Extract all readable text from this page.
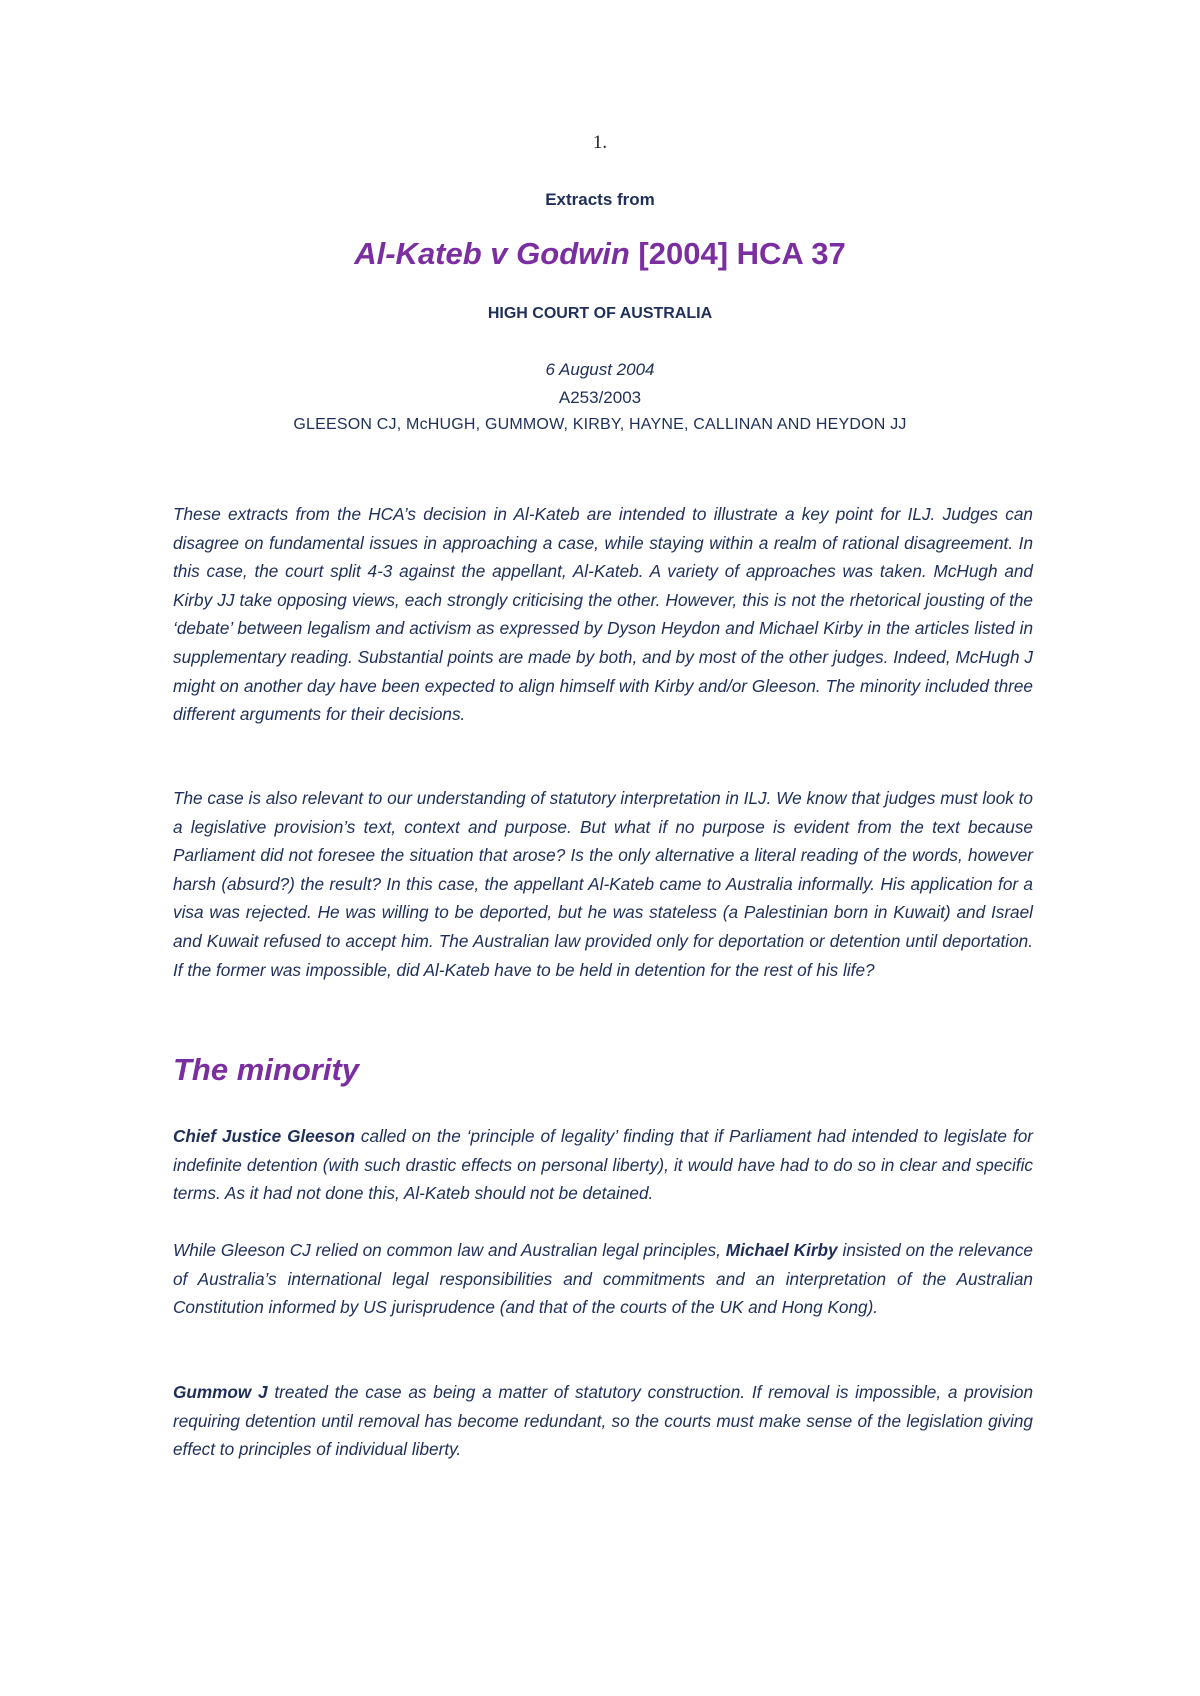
1.
Extracts from
Al-Kateb v Godwin [2004] HCA 37
HIGH COURT OF AUSTRALIA
6 August 2004
A253/2003
GLEESON CJ, McHUGH, GUMMOW, KIRBY, HAYNE, CALLINAN AND HEYDON JJ

These extracts from the HCA’s decision in Al-Kateb are intended to illustrate a key point for ILJ. Judges can disagree on fundamental issues in approaching a case, while staying within a realm of rational disagreement. In this case, the court split 4-3 against the appellant, Al-Kateb. A variety of approaches was taken. McHugh and Kirby JJ take opposing views, each strongly criticising the other. However, this is not the rhetorical jousting of the ‘debate’ between legalism and activism as expressed by Dyson Heydon and Michael Kirby in the articles listed in supplementary reading. Substantial points are made by both, and by most of the other judges. Indeed, McHugh J might on another day have been expected to align himself with Kirby and/or Gleeson. The minority included three different arguments for their decisions.

The case is also relevant to our understanding of statutory interpretation in ILJ. We know that judges must look to a legislative provision’s text, context and purpose. But what if no purpose is evident from the text because Parliament did not foresee the situation that arose? Is the only alternative a literal reading of the words, however harsh (absurd?) the result? In this case, the appellant Al-Kateb came to Australia informally. His application for a visa was rejected. He was willing to be deported, but he was stateless (a Palestinian born in Kuwait) and Israel and Kuwait refused to accept him. The Australian law provided only for deportation or detention until deportation. If the former was impossible, did Al-Kateb have to be held in detention for the rest of his life?

The minority

Chief Justice Gleeson called on the ‘principle of legality’ finding that if Parliament had intended to legislate for indefinite detention (with such drastic effects on personal liberty), it would have had to do so in clear and specific terms. As it had not done this, Al-Kateb should not be detained.

While Gleeson CJ relied on common law and Australian legal principles, Michael Kirby insisted on the relevance of Australia’s international legal responsibilities and commitments and an interpretation of the Australian Constitution informed by US jurisprudence (and that of the courts of the UK and Hong Kong).

Gummow J treated the case as being a matter of statutory construction. If removal is impossible, a provision requiring detention until removal has become redundant, so the courts must make sense of the legislation giving effect to principles of individual liberty.
